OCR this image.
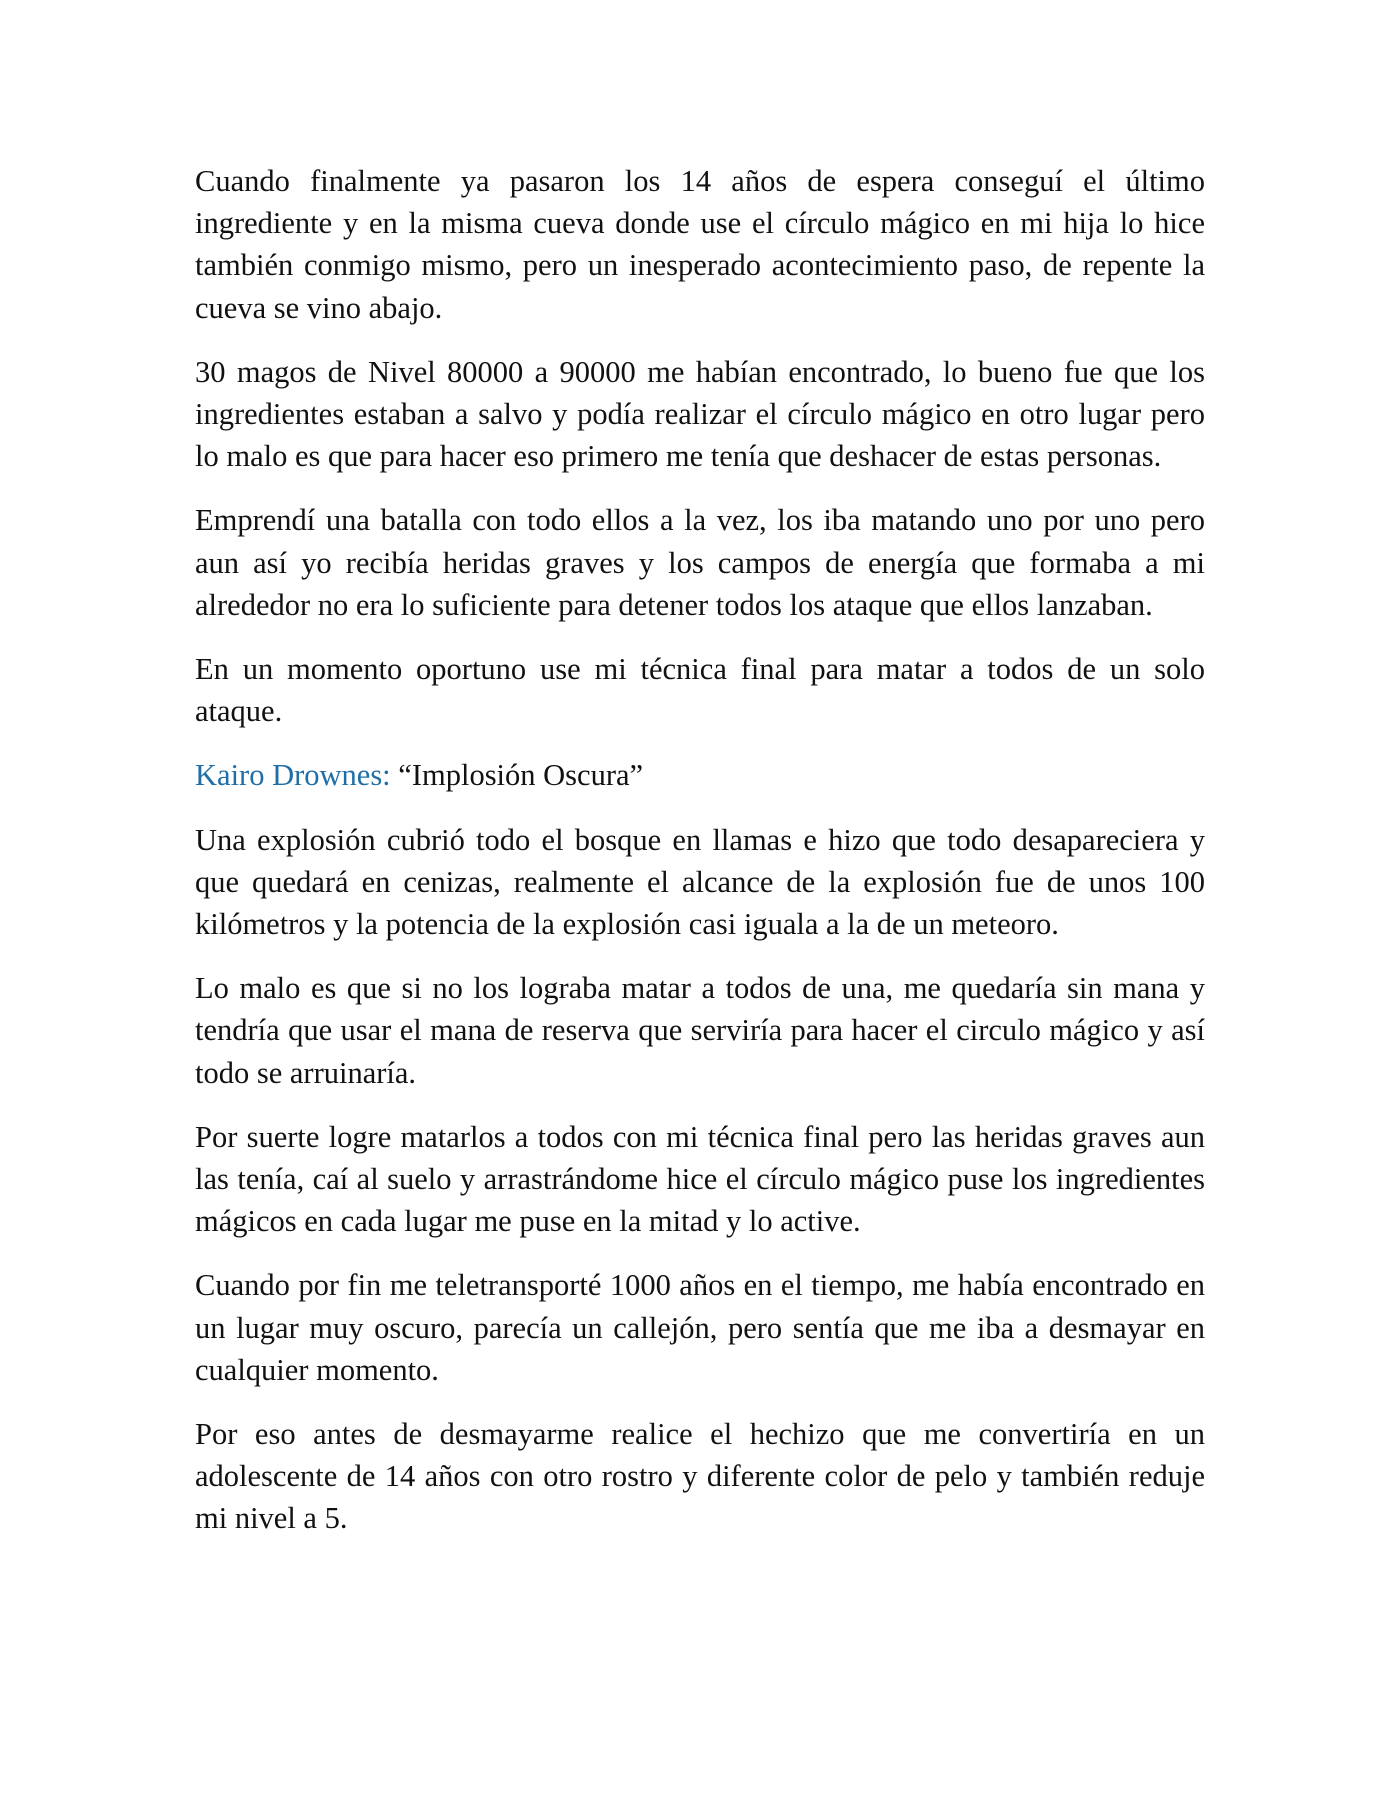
Cuando finalmente ya pasaron los 14 años de espera conseguí el último ingrediente y en la misma cueva donde use el círculo mágico en mi hija lo hice también conmigo mismo, pero un inesperado acontecimiento paso, de repente la cueva se vino abajo.

30 magos de Nivel 80000 a 90000 me habían encontrado, lo bueno fue que los ingredientes estaban a salvo y podía realizar el círculo mágico en otro lugar pero lo malo es que para hacer eso primero me tenía que deshacer de estas personas.

Emprendí una batalla con todo ellos a la vez, los iba matando uno por uno pero aun así yo recibía heridas graves y los campos de energía que formaba a mi alrededor no era lo suficiente para detener todos los ataque que ellos lanzaban.

En un momento oportuno use mi técnica final para matar a todos de un solo ataque.

Kairo Drownes: “Implosión Oscura”

Una explosión cubrió todo el bosque en llamas e hizo que todo desapareciera y que quedará en cenizas, realmente el alcance de la explosión fue de unos 100 kilómetros y la potencia de la explosión casi iguala a la de un meteoro.

Lo malo es que si no los lograba matar a todos de una, me quedaría sin mana y tendría que usar el mana de reserva que serviría para hacer el circulo mágico y así todo se arruinaría.

Por suerte logre matarlos a todos con mi técnica final pero las heridas graves aun las tenía, caí al suelo y arrastrándome hice el círculo mágico puse los ingredientes mágicos en cada lugar me puse en la mitad y lo active.

Cuando por fin me teletransporté 1000 años en el tiempo, me había encontrado en un lugar muy oscuro, parecía un callejón, pero sentía que me iba a desmayar en cualquier momento.

Por eso antes de desmayarme realice el hechizo que me convertiría en un adolescente de 14 años con otro rostro y diferente color de pelo y también reduje mi nivel a 5.
